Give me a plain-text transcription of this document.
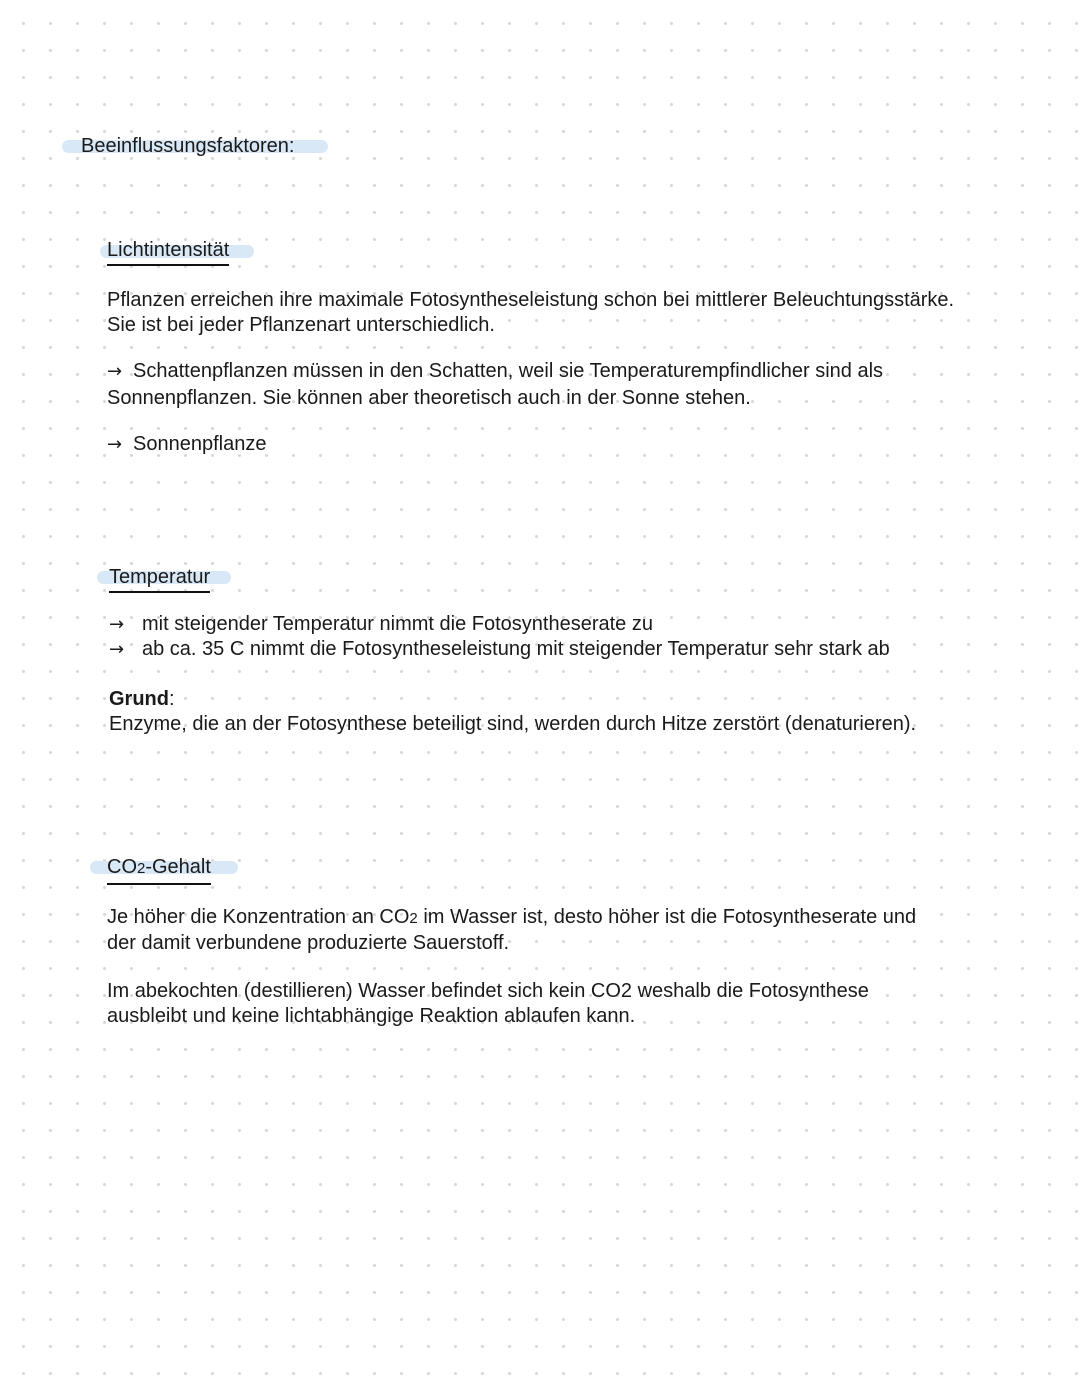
Beeinflussungsfaktoren:
Lichtintensität

Pflanzen erreichen ihre maximale Fotosyntheseleistung schon bei mittlerer Beleuchtungsstärke.

Sie ist bei jeder Pflanzenart unterschiedlich.

→ Schattenpflanzen müssen in den Schatten, weil sie Temperaturempfindlicher sind als

Sonnenpflanzen. Sie können aber theoretisch auch in der Sonne stehen.

→ Sonnenpflanze

Temperatur

→ mit steigender Temperatur nimmt die Fotosyntheserate zu

→ ab ca. 35 C nimmt die Fotosyntheseleistung mit steigender Temperatur sehr stark ab

Grund:

Enzyme, die an der Fotosynthese beteiligt sind, werden durch Hitze zerstört (denaturieren).

CO2-Gehalt

Je höher die Konzentration an CO2 im Wasser ist, desto höher ist die Fotosyntheserate und

der damit verbundene produzierte Sauerstoff.

Im abekochten (destillieren) Wasser befindet sich kein CO2 weshalb die Fotosynthese

ausbleibt und keine lichtabhängige Reaktion ablaufen kann.
